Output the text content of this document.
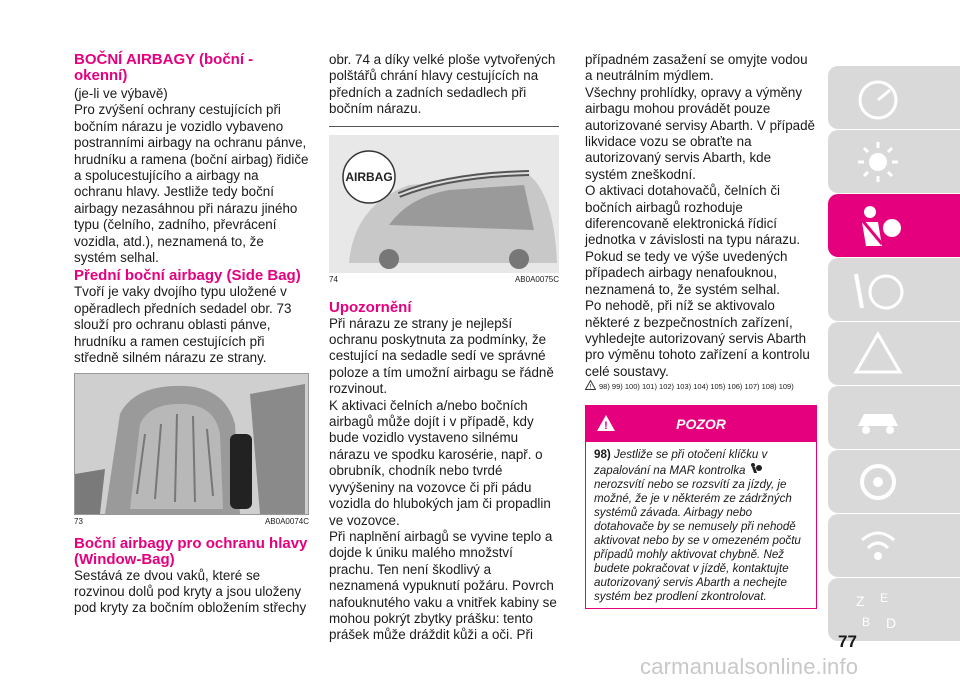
BOČNÍ AIRBAGY (boční - okenní)

(je-li ve výbavě)

Pro zvýšení ochrany cestujících při bočním nárazu je vozidlo vybaveno postranními airbagy na ochranu pánve, hrudníku a ramena (boční airbag) řidiče a spolucestujícího a airbagy na ochranu hlavy. Jestliže tedy boční airbagy nezasáhnou při nárazu jiného typu (čelního, zadního, převrácení vozidla, atd.), neznamená to, že systém selhal.

Přední boční airbagy (Side Bag)

Tvoří je vaky dvojího typu uložené v opěradlech předních sedadel obr. 73 slouží pro ochranu oblasti pánve, hrudníku a ramen cestujících při středně silném nárazu ze strany.

73	AB0A0074C

Boční airbagy pro ochranu hlavy (Window-Bag)

Sestává ze dvou vaků, které se rozvinou dolů pod kryty a jsou uloženy pod kryty za bočním obložením střechy

obr. 74 a díky velké ploše vytvořených polštářů chrání hlavy cestujících na předních a zadních sedadlech při bočním nárazu.

AIRBAG
74	AB0A0075C

Upozornění

Při nárazu ze strany je nejlepší ochranu poskytnuta za podmínky, že cestující na sedadle sedí ve správné poloze a tím umožní airbagu se řádně rozvinout.

K aktivaci čelních a/nebo bočních airbagů může dojít i v případě, kdy bude vozidlo vystaveno silnému nárazu ve spodku karosérie, např. o obrubník, chodník nebo tvrdé vyvýšeniny na vozovce či při pádu vozidla do hlubokých jam či propadlin ve vozovce.

Při naplnění airbagů se vyvine teplo a dojde k úniku malého množství prachu. Ten není škodlivý a neznamená vypuknutí požáru. Povrch nafouknutého vaku a vnitřek kabiny se mohou pokrýt zbytky prášku: tento prášek může dráždit kůži a oči. Při

případném zasažení se omyjte vodou a neutrálním mýdlem.

Všechny prohlídky, opravy a výměny airbagu mohou provádět pouze autorizované servisy Abarth. V případě likvidace vozu se obraťte na autorizovaný servis Abarth, kde systém zneškodní.

O aktivaci dotahovačů, čelních či bočních airbagů rozhoduje diferencovaně elektronická řídicí jednotka v závislosti na typu nárazu. Pokud se tedy ve výše uvedených případech airbagy nenafouknou, neznamená to, že systém selhal.

Po nehodě, při níž se aktivovalo některé z bezpečnostních zařízení, vyhledejte autorizovaný servis Abarth pro výměnu tohoto zařízení a kontrolu celé soustavy.

! 98) 99) 100) 101) 102) 103) 104) 105) 106) 107) 108) 109)
!	POZOR
98) Jestliže se při otočení klíčku v zapalování na MAR kontrolka  nerozsvítí nebo se rozsvítí za jízdy, je možné, že je v některém ze zádržných systémů závada. Airbagy nebo dotahovače by se nemusely při nehodě aktivovat nebo by se v omezeném počtu případů mohly aktivovat chybně. Než budete pokračovat v jízdě, kontaktujte autorizovaný servis Abarth a nechejte systém bez prodlení zkontrolovat.	Z E
B D
77
carmanualsonline.info
